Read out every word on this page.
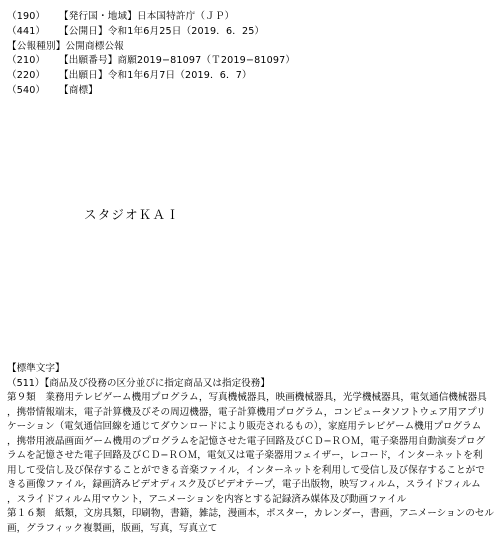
（190） 【発行国・地域】日本国特許庁（ＪＰ）
（441） 【公開日】令和1年6月25日（2019．6．25）
【公報種別】公開商標公報
（210） 【出願番号】商願2019−81097（Ｔ2019−81097）
（220） 【出願日】令和1年6月7日（2019．6．7）
（540） 【商標】
スタジオＫＡＩ
【標準文字】
（511）【商品及び役務の区分並びに指定商品又は指定役務】
第９類　業務用テレビゲーム機用プログラム，写真機械器具，映画機械器具，光学機械器具，電気通信機械器具
，携帯情報端末，電子計算機及びその周辺機器，電子計算機用プログラム，コンピュータソフトウェア用アプリ
ケーション（電気通信回線を通じてダウンロードにより販売されるもの），家庭用テレビゲーム機用プログラム
，携帯用液晶画面ゲーム機用のプログラムを記憶させた電子回路及びＣＤ−ＲＯＭ，電子楽器用自動演奏プログ
ラムを記憶させた電子回路及びＣＤ−ＲＯＭ，電気又は電子楽器用フェイザー，レコード，インターネットを利
用して受信し及び保存することができる音楽ファイル，インターネットを利用して受信し及び保存することがで
きる画像ファイル，録画済みビデオディスク及びビデオテープ，電子出版物，映写フィルム，スライドフィルム
，スライドフィルム用マウント，アニメーションを内容とする記録済み媒体及び動画ファイル
第１６類　紙類，文房具類，印刷物，書籍，雑誌，漫画本，ポスター，カレンダー，書画，アニメーションのセル
画，グラフィック複製画，版画，写真，写真立て
